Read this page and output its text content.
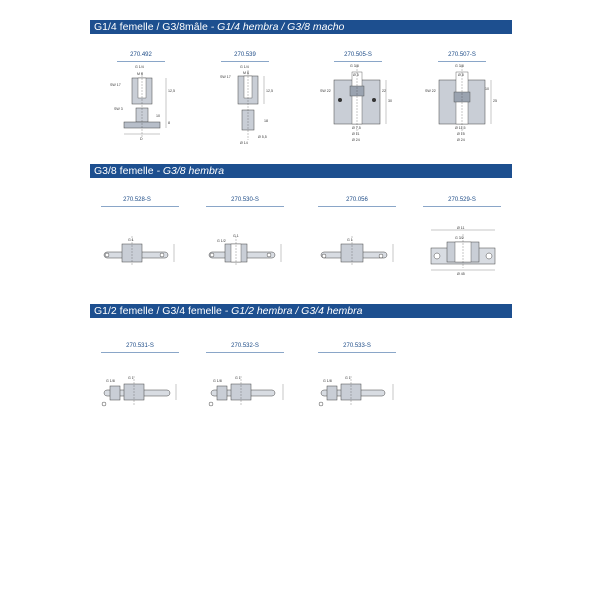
G1/4 femelle / G3/8mâle - G1/4 hembra / G3/8 macho
270.492	270.539	270.505-S	270.507-S
G 1/4
M 6
SW 17
SW 3
12,5
10
8
D
G 1/4
M 6
SW 17
12,5
Ø 14
Ø 5,5
18
G 3/8
Ø 5
SW 22
Ø 7,5
Ø 11
Ø 24
22
30
G 3/8
Ø 8
SW 22
Ø 11,5
Ø 15
Ø 24
10
25
G3/8 femelle - G3/8 hembra
270.528-S	270.530-S	270.056	270.529-S
G 1
G 1
G 1/2	G 1
Ø 11
G 3/2
Ø 45
G1/2 femelle / G3/4 femelle - G1/2 hembra / G3/4 hembra
270.531-S	270.532-S	270.533-S
G 1/8
G 1
G 1/8
G 1
G 1/8
G 1
